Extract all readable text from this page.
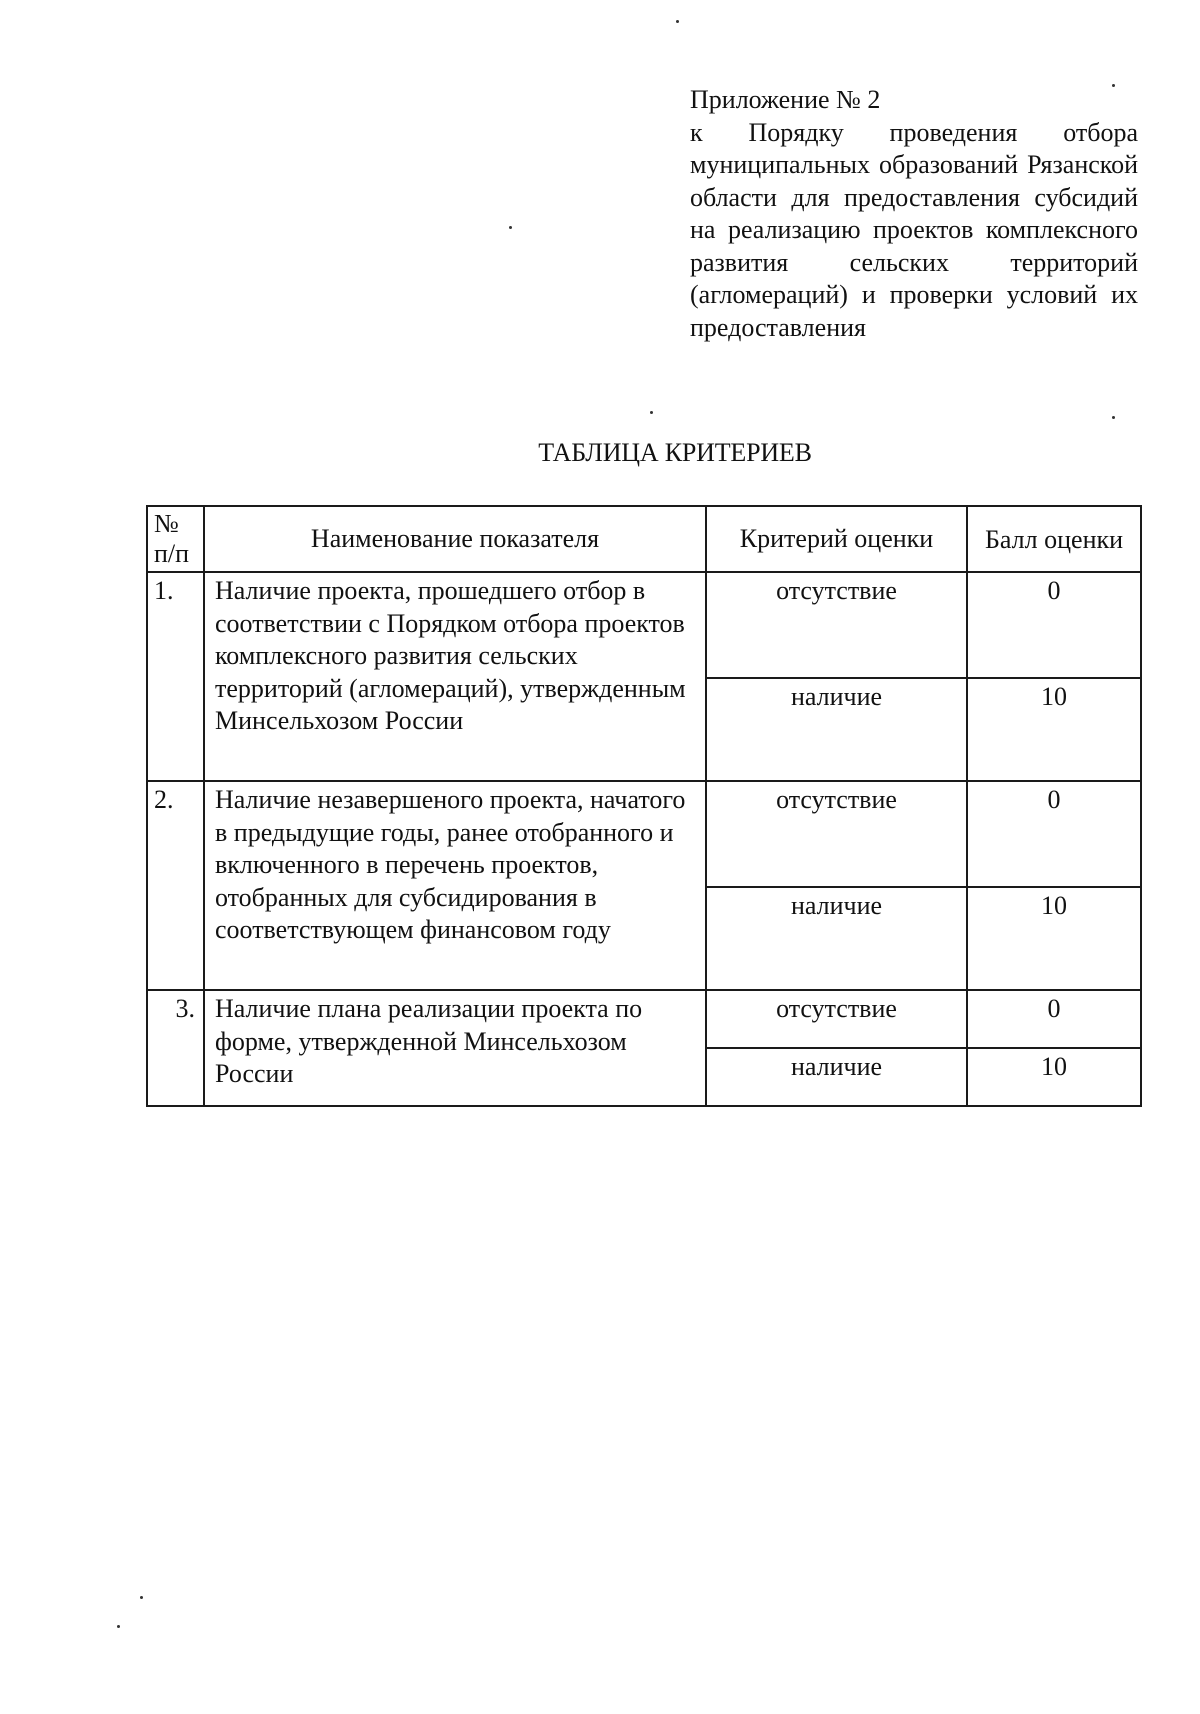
Приложение № 2
к Порядку проведения отбора муниципальных образований Рязанской области для предоставления субсидий на реализацию проектов комплексного развития сельских территорий (агломераций) и проверки условий их предоставления
ТАБЛИЦА КРИТЕРИЕВ
№ п/п	Наименование показателя	Критерий оценки	Балл оценки
1.	Наличие проекта, прошедшего отбор в соответствии с Порядком отбора проектов комплексного развития сельских территорий (агломераций), утвержденным Минсельхозом России	отсутствие	0
		наличие	10
2.	Наличие незавершеного проекта, начатого в предыдущие годы, ранее отобранного и включенного в перечень проектов, отобранных для субсидирования в соответствующем финансовом году	отсутствие	0
		наличие	10
3.	Наличие плана реализации проекта по форме, утвержденной Минсельхозом России	отсутствие	0
		наличие	10
